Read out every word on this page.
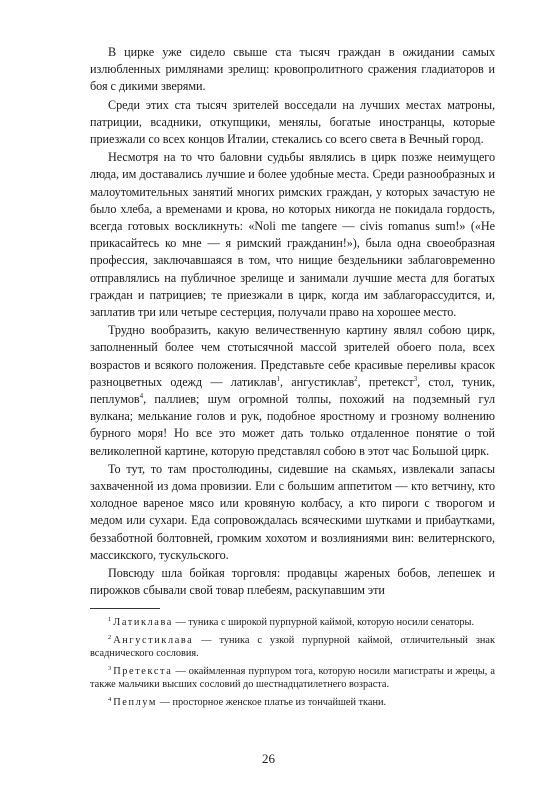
В цирке уже сидело свыше ста тысяч граждан в ожидании самых излюбленных римлянами зрелищ: кровопролитного сражения гладиаторов и боя с дикими зверями.

Среди этих ста тысяч зрителей восседали на лучших местах матроны, патриции, всадники, откупщики, менялы, богатые иностранцы, которые приезжали со всех концов Италии, стекались со всего света в Вечный город.

Несмотря на то что баловни судьбы являлись в цирк позже неимущего люда, им доставались лучшие и более удобные места. Среди разнообразных и малоутомительных занятий многих римских граждан, у которых зачастую не было хлеба, а временами и крова, но которых никогда не покидала гордость, всегда готовых воскликнуть: «Noli me tangere — civis romanus sum!» («Не прикасайтесь ко мне — я римский гражданин!»), была одна своеобразная профессия, заключавшаяся в том, что нищие бездельники заблаговременно отправлялись на публичное зрелище и занимали лучшие места для богатых граждан и патрициев; те приезжали в цирк, когда им заблагорассудится, и, заплатив три или четыре сестерция, получали право на хорошее место.

Трудно вообразить, какую величественную картину являл собою цирк, заполненный более чем стотысячной массой зрителей обоего пола, всех возрастов и всякого положения. Представьте себе красивые переливы красок разноцветных одежд — латиклав$^1$, ангустиклав$^2$, претекст$^3$, стол, туник, пеплумов$^4$, паллиев; шум огромной толпы, похожий на подземный гул вулкана; мелькание голов и рук, подобное яростному и грозному волнению бурного моря! Но все это может дать только отдаленное понятие о той великолепной картине, которую представлял собою в этот час Большой цирк.

То тут, то там простолюдины, сидевшие на скамьях, извлекали запасы захваченной из дома провизии. Ели с большим аппетитом — кто ветчину, кто холодное вареное мясо или кровяную колбасу, а кто пироги с творогом и медом или сухари. Еда сопровождалась всяческими шутками и прибаутками, беззаботной болтовней, громким хохотом и возлияниями вин: велитернского, массикского, тускульского.

Повсюду шла бойкая торговля: продавцы жареных бобов, лепешек и пирожков сбывали свой товар плебеям, раскупавшим эти

$^1$ Латиклава — туника с широкой пурпурной каймой, которую носили сенаторы.

$^2$ Ангустиклава — туника с узкой пурпурной каймой, отличительный знак всаднического сословия.

$^3$ Претекста — окаймленная пурпуром тога, которую носили магистраты и жрецы, а также мальчики высших сословий до шестнадцатилетнего возраста.

$^4$ Пеплум — просторное женское платье из тончайшей ткани.

26
